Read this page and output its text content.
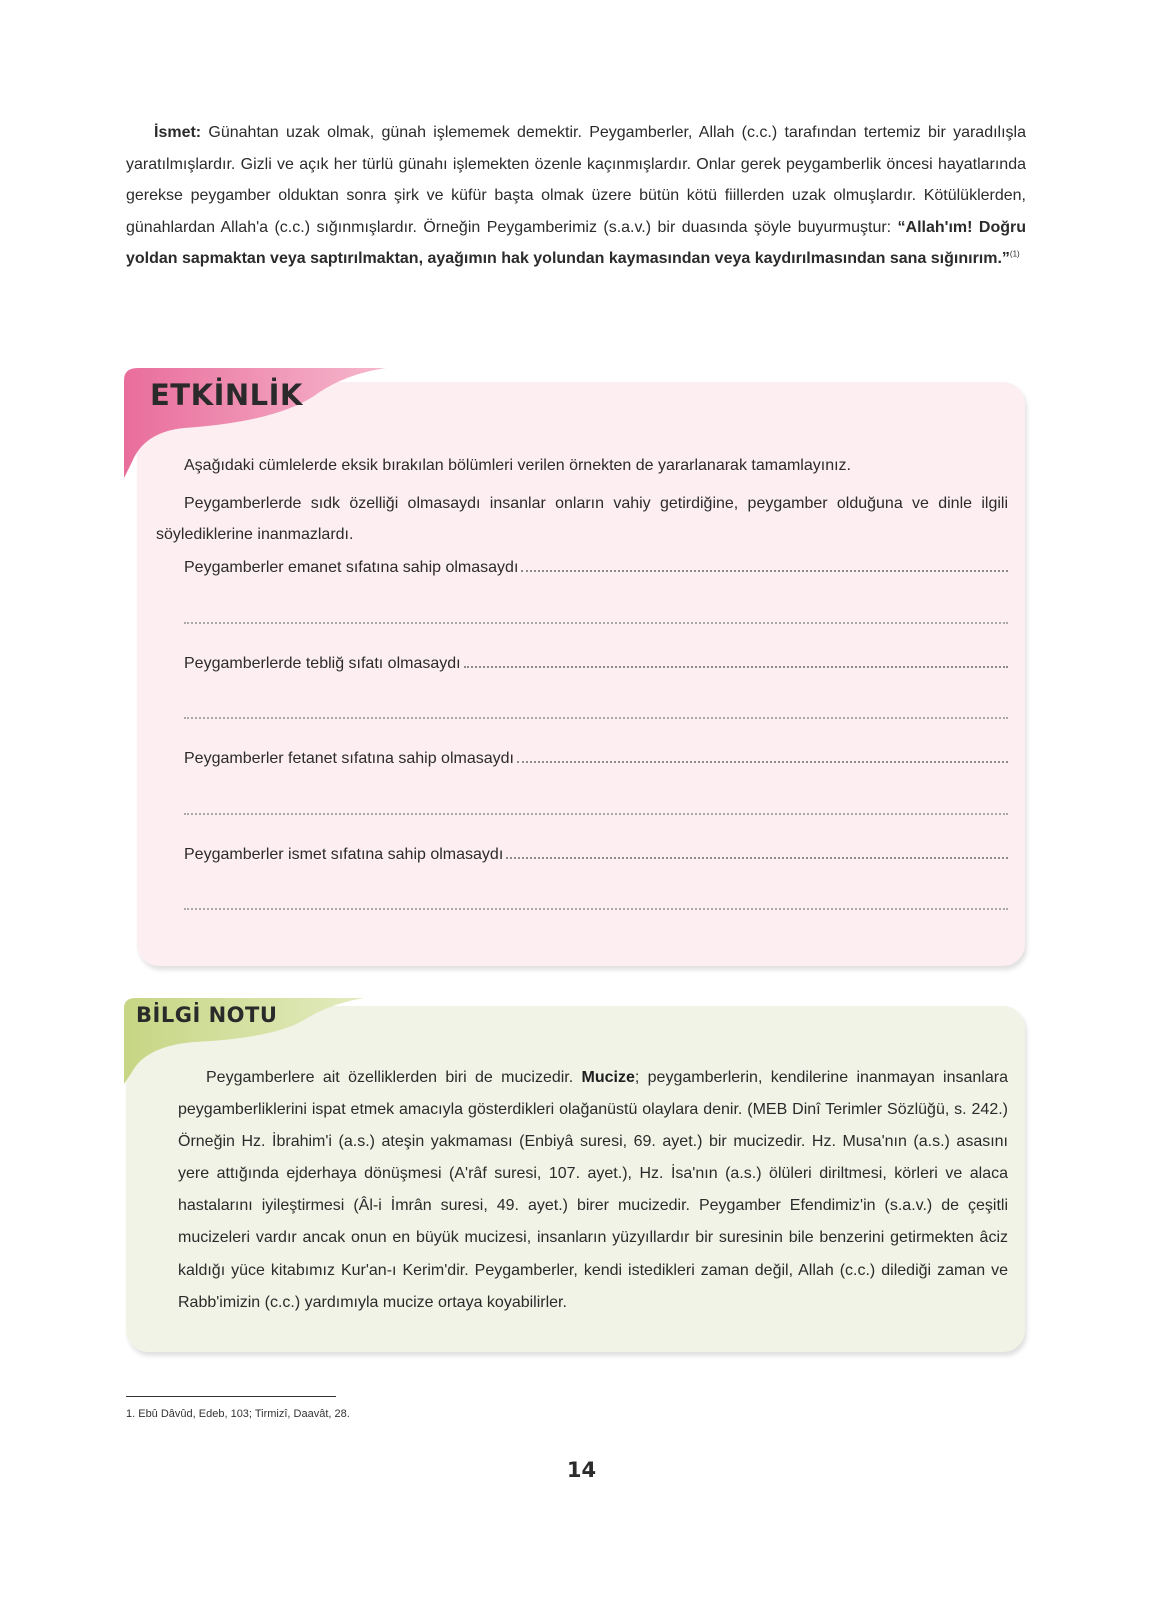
İsmet: Günahtan uzak olmak, günah işlememek demektir. Peygamberler, Allah (c.c.) tarafından tertemiz bir yaradılışla yaratılmışlardır. Gizli ve açık her türlü günahı işlemekten özenle kaçınmışlardır. Onlar gerek peygamberlik öncesi hayatlarında gerekse peygamber olduktan sonra şirk ve küfür başta olmak üzere bütün kötü fiillerden uzak olmuşlardır. Kötülüklerden, günahlardan Allah'a (c.c.) sığınmışlardır. Örneğin Peygamberimiz (s.a.v.) bir duasında şöyle buyurmuştur: “Allah'ım! Doğru yoldan sapmaktan veya saptırılmaktan, ayağımın hak yolundan kaymasından veya kaydırılmasından sana sığınırım.”$^{(1)}$

ETKİNLİK
Aşağıdaki cümlelerde eksik bırakılan bölümleri verilen örnekten de yararlanarak tamamlayınız.
Peygamberlerde sıdk özelliği olmasaydı insanlar onların vahiy getirdiğine, peygamber olduğuna ve dinle ilgili söylediklerine inanmazlardı.
Peygamberler emanet sıfatına sahip olmasaydı
Peygamberlerde tebliğ sıfatı olmasaydı
Peygamberler fetanet sıfatına sahip olmasaydı
Peygamberler ismet sıfatına sahip olmasaydı
BİLGİ NOTU

Peygamberlere ait özelliklerden biri de mucizedir. Mucize; peygamberlerin, kendilerine inanmayan insanlara peygamberliklerini ispat etmek amacıyla gösterdikleri olağanüstü olaylara denir. (MEB Dinî Terimler Sözlüğü, s. 242.) Örneğin Hz. İbrahim'i (a.s.) ateşin yakmaması (Enbiyâ suresi, 69. ayet.) bir mucizedir. Hz. Musa'nın (a.s.) asasını yere attığında ejderhaya dönüşmesi (A'râf suresi, 107. ayet.), Hz. İsa'nın (a.s.) ölüleri diriltmesi, körleri ve alaca hastalarını iyileştirmesi (Âl-i İmrân suresi, 49. ayet.) birer mucizedir. Peygamber Efendimiz'in (s.a.v.) de çeşitli mucizeleri vardır ancak onun en büyük mucizesi, insanların yüzyıllardır bir suresinin bile benzerini getirmekten âciz kaldığı yüce kitabımız Kur'an-ı Kerim'dir. Peygamberler, kendi istedikleri zaman değil, Allah (c.c.) dilediği zaman ve Rabb'imizin (c.c.) yardımıyla mucize ortaya koyabilirler.

1. Ebû Dâvûd, Edeb, 103; Tirmizî, Daavât, 28.
14
